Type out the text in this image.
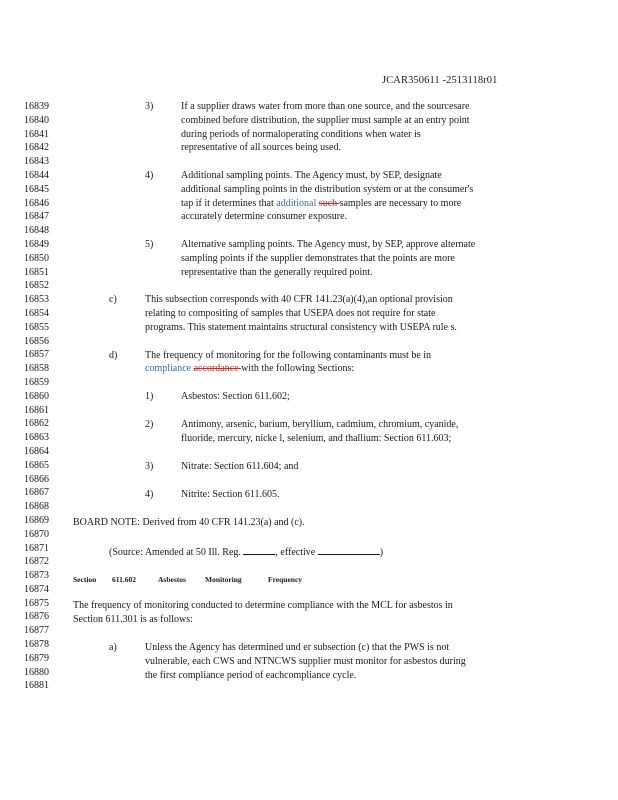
JCAR350611 -2513118r01
16839
16840
16841
16842
16843
16844
16845
16846
16847
16848
16849
16850
16851
16852
16853
16854
16855
16856
16857
16858
16859
16860
16861
16862
16863
16864
16865
16866
16867
16868
16869
16870
16871
16872
16873
16874
16875
16876
16877
16878
16879
16880
16881
3)	If a supplier draws water from more than one source, and the sourcesare
combined before distribution, the supplier must sample at an entry point
during periods of normaloperating conditions when water is
representative of all sources being used.
4)	Additional sampling points. The Agency must, by SEP, designate
additional sampling points in the distribution system or at the consumer's
tap if it determines that additional such samples are necessary to more
accurately determine consumer exposure.
5)	Alternative sampling points. The Agency must, by SEP, approve alternate
sampling points if the supplier demonstrates that the points are more
representative than the generally required point.
c)	This subsection corresponds with 40 CFR 141.23(a)(4),an optional provision
relating to compositing of samples that USEPA does not require for state
programs. This statement maintains structural consistency with USEPA rule s.
d)	The frequency of monitoring for the following contaminants must be in
compliance accordance with the following Sections:
1)	Asbestos: Section 611.602;
2)	Antimony, arsenic, barium, beryllium, cadmium, chromium, cyanide,
fluoride, mercury, nicke l, selenium, and thallium: Section 611.603;
3)	Nitrate: Section 611.604; and
4)	Nitrite: Section 611.605.
BOARD NOTE: Derived from 40 CFR 141.23(a) and (c).
(Source: Amended at 50 Ill. Reg.	, effective	)
Section 611.602	Asbestos	Monitoring	Frequency
The frequency of monitoring conducted to determine compliance with the MCL for asbestos in
Section 611.301 is as follows:
a)	Unless the Agency has determined und er subsection (c) that the PWS is not
vulnerable, each CWS and NTNCWS supplier must monitor for asbestos during
the first compliance period of eachcompliance cycle.
